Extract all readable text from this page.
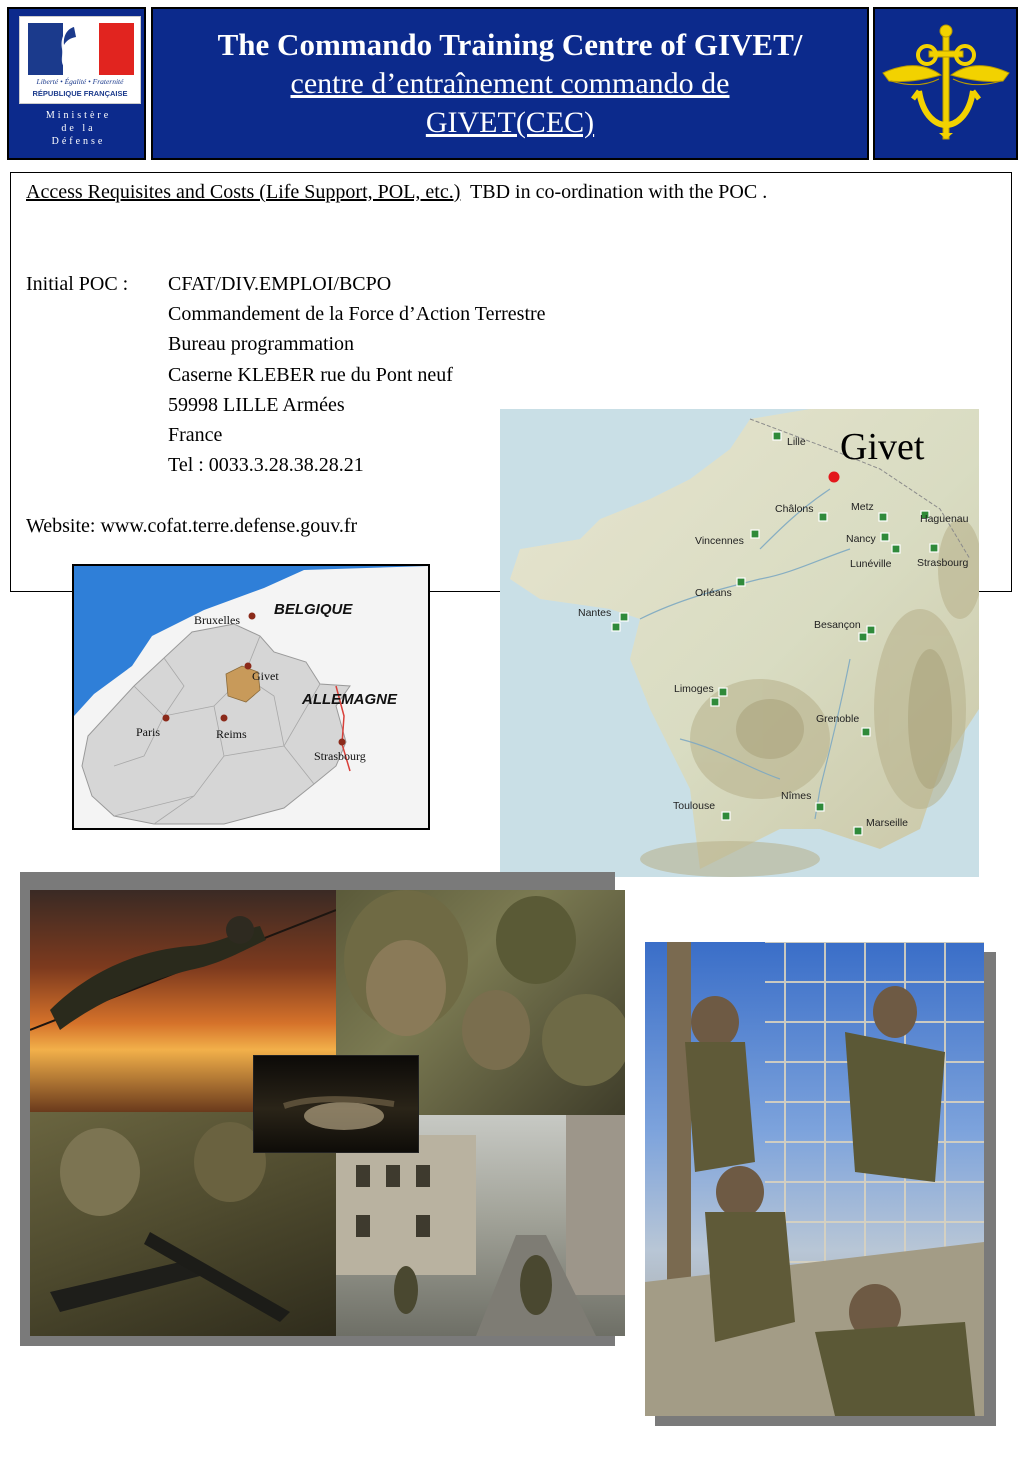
Liberté • Égalité • Fraternité
RÉPUBLIQUE FRANÇAISE
Ministère
de la
Défense
The Commando Training Centre of GIVET/
centre d’entraînement commando de
GIVET(CEC)
Access Requisites and Costs (Life Support, POL, etc.) TBD in co-ordination with the POC .
Initial POC : CFAT/DIV.EMPLOI/BCPO
Commandement de la Force d’Action Terrestre
Bureau programmation
Caserne KLEBER rue du Pont neuf
59998 LILLE Armées
France
Tel : 0033.3.28.38.28.21
Website: www.cofat.terre.defense.gouv.fr
BELGIQUE
ALLEMAGNE
Bruxelles
Givet
Paris	Reims
Strasbourg
Givet
Lille
Châlons	Metz
Haguenau
Vincennes	Nancy
Strasbourg
Lunéville
Orléans
Nantes
Besançon
Limoges
Grenoble
Nîmes
Toulouse
Marseille
